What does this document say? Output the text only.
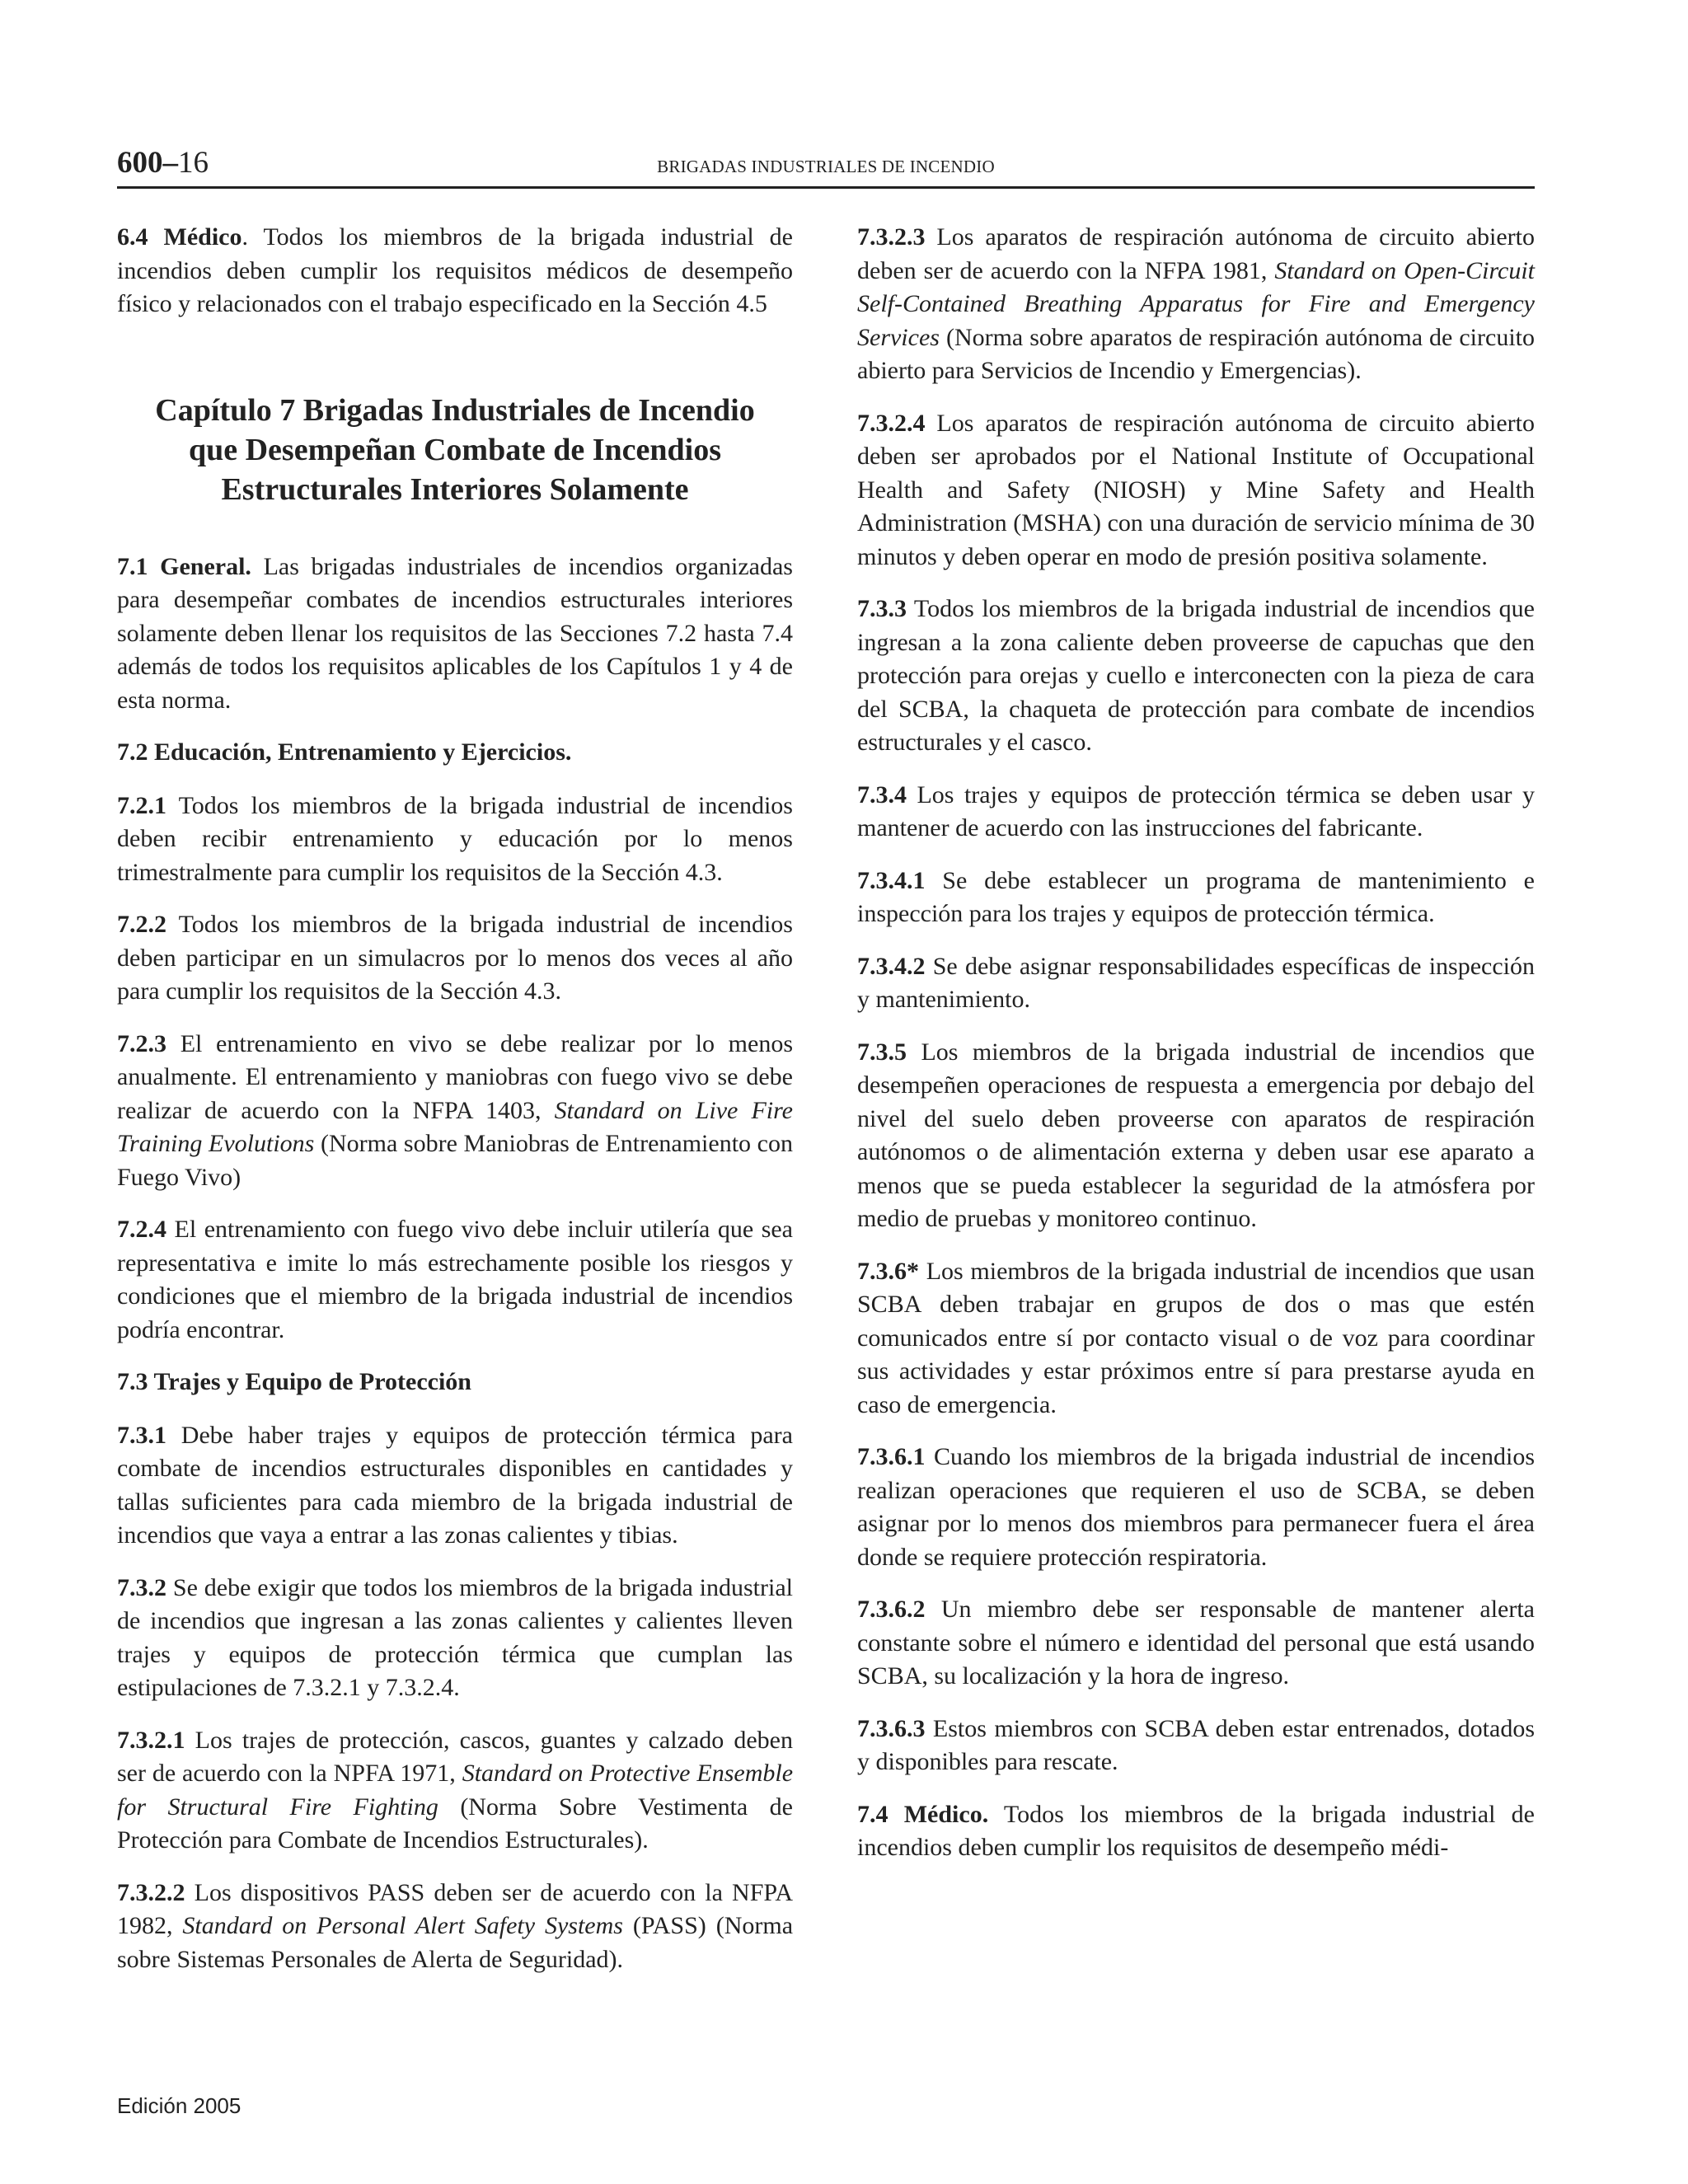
600–16	BRIGADAS INDUSTRIALES DE INCENDIO

6.4 Médico. Todos los miembros de la brigada industrial de incendios deben cumplir los requisitos médicos de desempeño físico y relacionados con el trabajo especificado en la Sección 4.5

Capítulo 7 Brigadas Industriales de Incendio
que Desempeñan Combate de Incendios
Estructurales Interiores Solamente

7.1 General. Las brigadas industriales de incendios organizadas para desempeñar combates de incendios estructurales interiores solamente deben llenar los requisitos de las Secciones 7.2 hasta 7.4 además de todos los requisitos aplicables de los Capítulos 1 y 4 de esta norma.

7.2 Educación, Entrenamiento y Ejercicios.

7.2.1 Todos los miembros de la brigada industrial de incendios deben recibir entrenamiento y educación por lo menos trimestralmente para cumplir los requisitos de la Sección 4.3.

7.2.2 Todos los miembros de la brigada industrial de incendios deben participar en un simulacros por lo menos dos veces al año para cumplir los requisitos de la Sección 4.3.

7.2.3 El entrenamiento en vivo se debe realizar por lo menos anualmente. El entrenamiento y maniobras con fuego vivo se debe realizar de acuerdo con la NFPA 1403, Standard on Live Fire Training Evolutions (Norma sobre Maniobras de Entrenamiento con Fuego Vivo)

7.2.4 El entrenamiento con fuego vivo debe incluir utilería que sea representativa e imite lo más estrechamente posible los riesgos y condiciones que el miembro de la brigada industrial de incendios podría encontrar.

7.3 Trajes y Equipo de Protección

7.3.1 Debe haber trajes y equipos de protección térmica para combate de incendios estructurales disponibles en cantidades y tallas suficientes para cada miembro de la brigada industrial de incendios que vaya a entrar a las zonas calientes y tibias.

7.3.2 Se debe exigir que todos los miembros de la brigada industrial de incendios que ingresan a las zonas calientes y calientes lleven trajes y equipos de protección térmica que cumplan las estipulaciones de 7.3.2.1 y 7.3.2.4.

7.3.2.1 Los trajes de protección, cascos, guantes y calzado deben ser de acuerdo con la NPFA 1971, Standard on Protective Ensemble for Structural Fire Fighting (Norma Sobre Vestimenta de Protección para Combate de Incendios Estructurales).

7.3.2.2 Los dispositivos PASS deben ser de acuerdo con la NFPA 1982, Standard on Personal Alert Safety Systems (PASS) (Norma sobre Sistemas Personales de Alerta de Seguridad).

7.3.2.3 Los aparatos de respiración autónoma de circuito abierto deben ser de acuerdo con la NFPA 1981, Standard on Open-Circuit Self-Contained Breathing Apparatus for Fire and Emergency Services (Norma sobre aparatos de respiración autónoma de circuito abierto para Servicios de Incendio y Emergencias).

7.3.2.4 Los aparatos de respiración autónoma de circuito abierto deben ser aprobados por el National Institute of Occupational Health and Safety (NIOSH) y Mine Safety and Health Administration (MSHA) con una duración de servicio mínima de 30 minutos y deben operar en modo de presión positiva solamente.

7.3.3 Todos los miembros de la brigada industrial de incendios que ingresan a la zona caliente deben proveerse de capuchas que den protección para orejas y cuello e interconecten con la pieza de cara del SCBA, la chaqueta de protección para combate de incendios estructurales y el casco.

7.3.4 Los trajes y equipos de protección térmica se deben usar y mantener de acuerdo con las instrucciones del fabricante.

7.3.4.1 Se debe establecer un programa de mantenimiento e inspección para los trajes y equipos de protección térmica.

7.3.4.2 Se debe asignar responsabilidades específicas de inspección y mantenimiento.

7.3.5 Los miembros de la brigada industrial de incendios que desempeñen operaciones de respuesta a emergencia por debajo del nivel del suelo deben proveerse con aparatos de respiración autónomos o de alimentación externa y deben usar ese aparato a menos que se pueda establecer la seguridad de la atmósfera por medio de pruebas y monitoreo continuo.

7.3.6* Los miembros de la brigada industrial de incendios que usan SCBA deben trabajar en grupos de dos o mas que estén comunicados entre sí por contacto visual o de voz para coordinar sus actividades y estar próximos entre sí para prestarse ayuda en caso de emergencia.

7.3.6.1 Cuando los miembros de la brigada industrial de incendios realizan operaciones que requieren el uso de SCBA, se deben asignar por lo menos dos miembros para permanecer fuera el área donde se requiere protección respiratoria.

7.3.6.2 Un miembro debe ser responsable de mantener alerta constante sobre el número e identidad del personal que está usando SCBA, su localización y la hora de ingreso.

7.3.6.3 Estos miembros con SCBA deben estar entrenados, dotados y disponibles para rescate.

7.4 Médico. Todos los miembros de la brigada industrial de incendios deben cumplir los requisitos de desempeño médi-

Edición 2005
